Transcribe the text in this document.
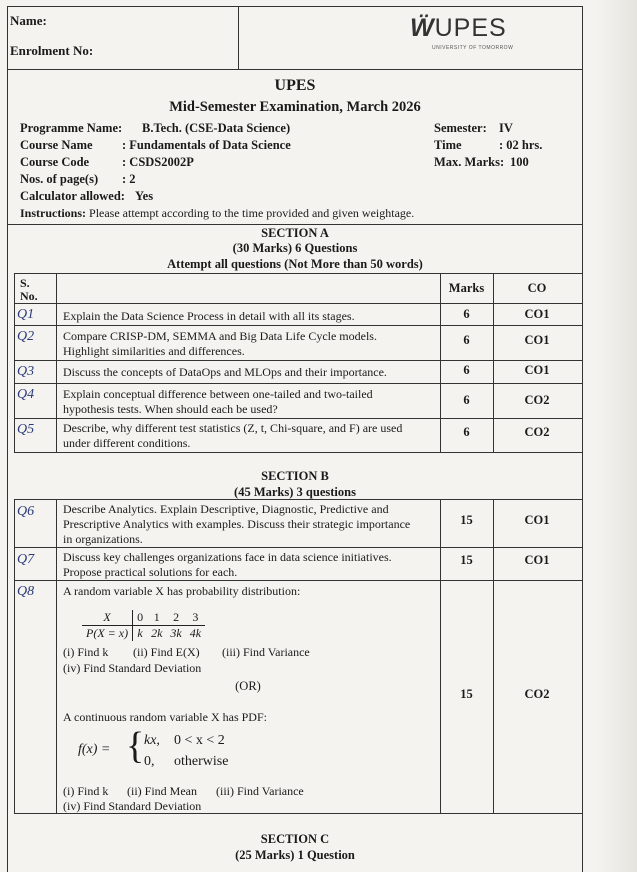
Name:
Enrolment No:
ẄUPES
UNIVERSITY OF TOMORROW
UPES
Mid-Semester Examination, March 2026
Programme Name: B.Tech. (CSE-Data Science)
Course Name : Fundamentals of Data Science
Course Code	: CSDS2002P
Nos. of page(s) : 2
Calculator allowed: Yes
Semester: IV
Time	: 02 hrs.
Max. Marks: 100
Instructions: Please attempt according to the time provided and given weightage.
SECTION A
(30 Marks) 6 Questions
Attempt all questions (Not More than 50 words)
S.
No.
Marks	CO
Q1 Explain the Data Science Process in detail with all its stages.	6	CO1
Q2 Compare CRISP-DM, SEMMA and Big Data Life Cycle models.
Highlight similarities and differences.
6	CO1
Q3 Discuss the concepts of DataOps and MLOps and their importance.	6	CO1
Q4 Explain conceptual difference between one-tailed and two-tailed
hypothesis tests. When should each be used?
6	CO2
Q5 Describe, why different test statistics (Z, t, Chi-square, and F) are used
under different conditions.
6	CO2
SECTION B
(45 Marks) 3 questions
Q6 Describe Analytics. Explain Descriptive, Diagnostic, Predictive and
Prescriptive Analytics with examples. Discuss their strategic importance
in organizations.
15	CO1
Q7 Discuss key challenges organizations face in data science initiatives.
Propose practical solutions for each.
15	CO1
Q8 A random variable X has probability distribution:
X	0	1	2	3
P(X = x)	k	2k	3k	4k
(i) Find k (ii) Find E(X) (iii) Find Variance
(iv) Find Standard Deviation
(OR)
A continuous random variable X has PDF:
f(x) = { kx, 0 < x < 2
0, otherwise
(i) Find k (ii) Find Mean (iii) Find Variance
(iv) Find Standard Deviation
15	CO2
SECTION C
(25 Marks) 1 Question
